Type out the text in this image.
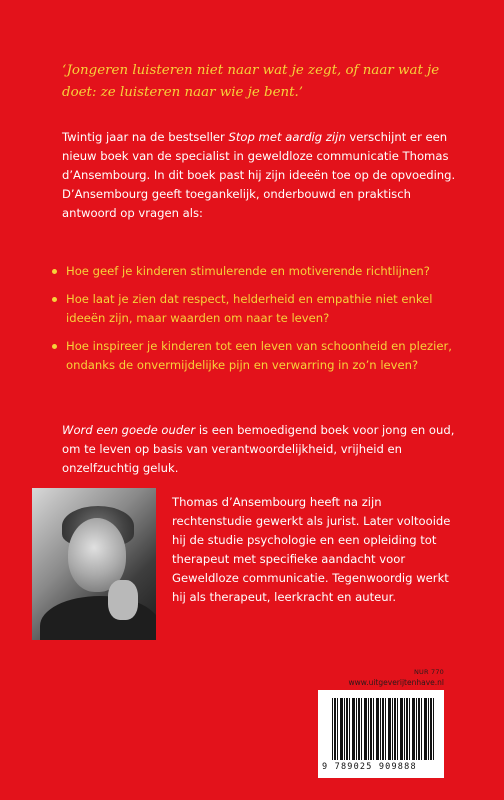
‘Jongeren luisteren niet naar wat je zegt, of naar wat je doet: ze luisteren naar wie je bent.’
Twintig jaar na de bestseller Stop met aardig zijn verschijnt er een nieuw boek van de specialist in geweldloze communicatie Thomas d’Ansembourg. In dit boek past hij zijn ideeën toe op de opvoeding. D’Ansembourg geeft toegankelijk, onderbouwd en praktisch antwoord op vragen als:
Hoe geef je kinderen stimulerende en motiverende richtlijnen?
Hoe laat je zien dat respect, helderheid en empathie niet enkel ideeën zijn, maar waarden om naar te leven?
Hoe inspireer je kinderen tot een leven van schoonheid en plezier, ondanks de onvermijdelijke pijn en verwarring in zo’n leven?
Word een goede ouder is een bemoedigend boek voor jong en oud, om te leven op basis van verantwoordelijkheid, vrijheid en onzelfzuchtig geluk.
Thomas d’Ansembourg heeft na zijn rechtenstudie gewerkt als jurist. Later voltooide hij de studie psychologie en een opleiding tot therapeut met specifieke aandacht voor Geweldloze communicatie. Tegenwoordig werkt hij als therapeut, leerkracht en auteur.
NUR 770
www.uitgeverijtenhave.nl
9 789025 909888
